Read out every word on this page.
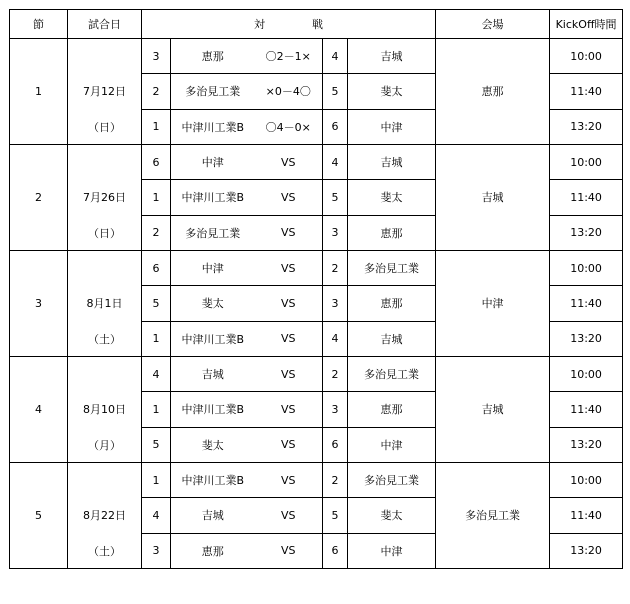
節	試合日	対　戦					会場	KickOff時間
		3	恵那	〇2－1×	4	吉城		10:00
1	7月12日	2	多治見工業	×0－4〇	5	斐太	恵那	11:40
	（日）	1	中津川工業B	〇4－0×	6	中津		13:20
		6	中津	VS	4	吉城		10:00
2	7月26日	1	中津川工業B	VS	5	斐太	吉城	11:40
	（日）	2	多治見工業	VS	3	恵那		13:20
		6	中津	VS	2	多治見工業		10:00
3	8月1日	5	斐太	VS	3	恵那	中津	11:40
	（土）	1	中津川工業B	VS	4	吉城		13:20
		4	吉城	VS	2	多治見工業		10:00
4	8月10日	1	中津川工業B	VS	3	恵那	吉城	11:40
	（月）	5	斐太	VS	6	中津		13:20
		1	中津川工業B	VS	2	多治見工業		10:00
5	8月22日	4	吉城	VS	5	斐太	多治見工業	11:40
	（土）	3	恵那	VS	6	中津		13:20
